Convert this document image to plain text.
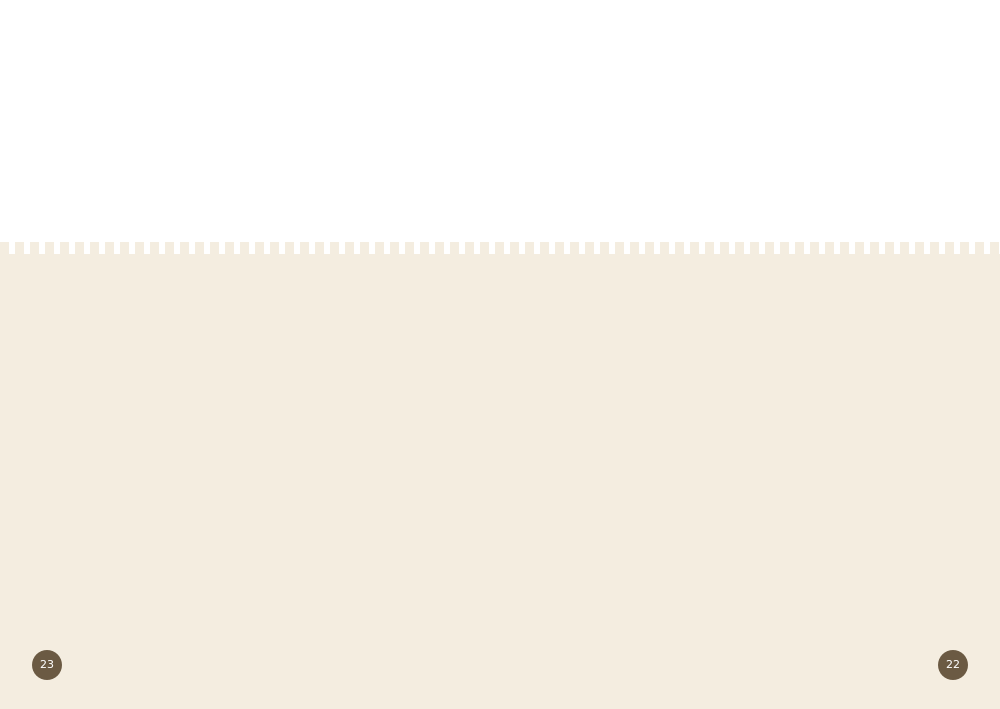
23	22
